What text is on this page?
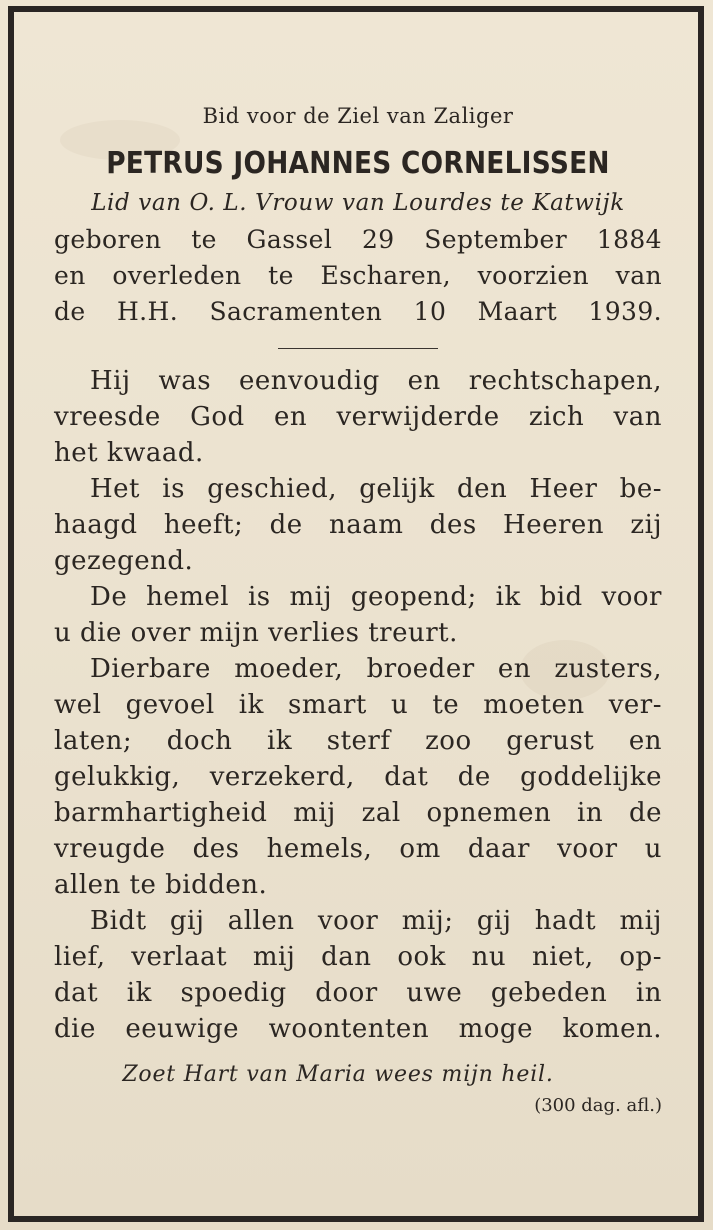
Bid voor de Ziel van Zaliger

PETRUS JOHANNES CORNELISSEN

Lid van O. L. Vrouw van Lourdes te Katwijk

geboren te Gassel 29 September 1884
en overleden te Escharen, voorzien van
de H.H. Sacramenten 10 Maart 1939.
Hij was eenvoudig en rechtschapen,
vreesde God en verwijderde zich van
het kwaad.
Het is geschied, gelijk den Heer be-
haagd heeft; de naam des Heeren zij
gezegend.
De hemel is mij geopend; ik bid voor
u die over mijn verlies treurt.
Dierbare moeder, broeder en zusters,
wel gevoel ik smart u te moeten ver-
laten; doch ik sterf zoo gerust en
gelukkig, verzekerd, dat de goddelijke
barmhartigheid mij zal opnemen in de
vreugde des hemels, om daar voor u
allen te bidden.
Bidt gij allen voor mij; gij hadt mij
lief, verlaat mij dan ook nu niet, op-
dat ik spoedig door uwe gebeden in
die eeuwige woontenten moge komen.

Zoet Hart van Maria wees mijn heil.

(300 dag. afl.)
